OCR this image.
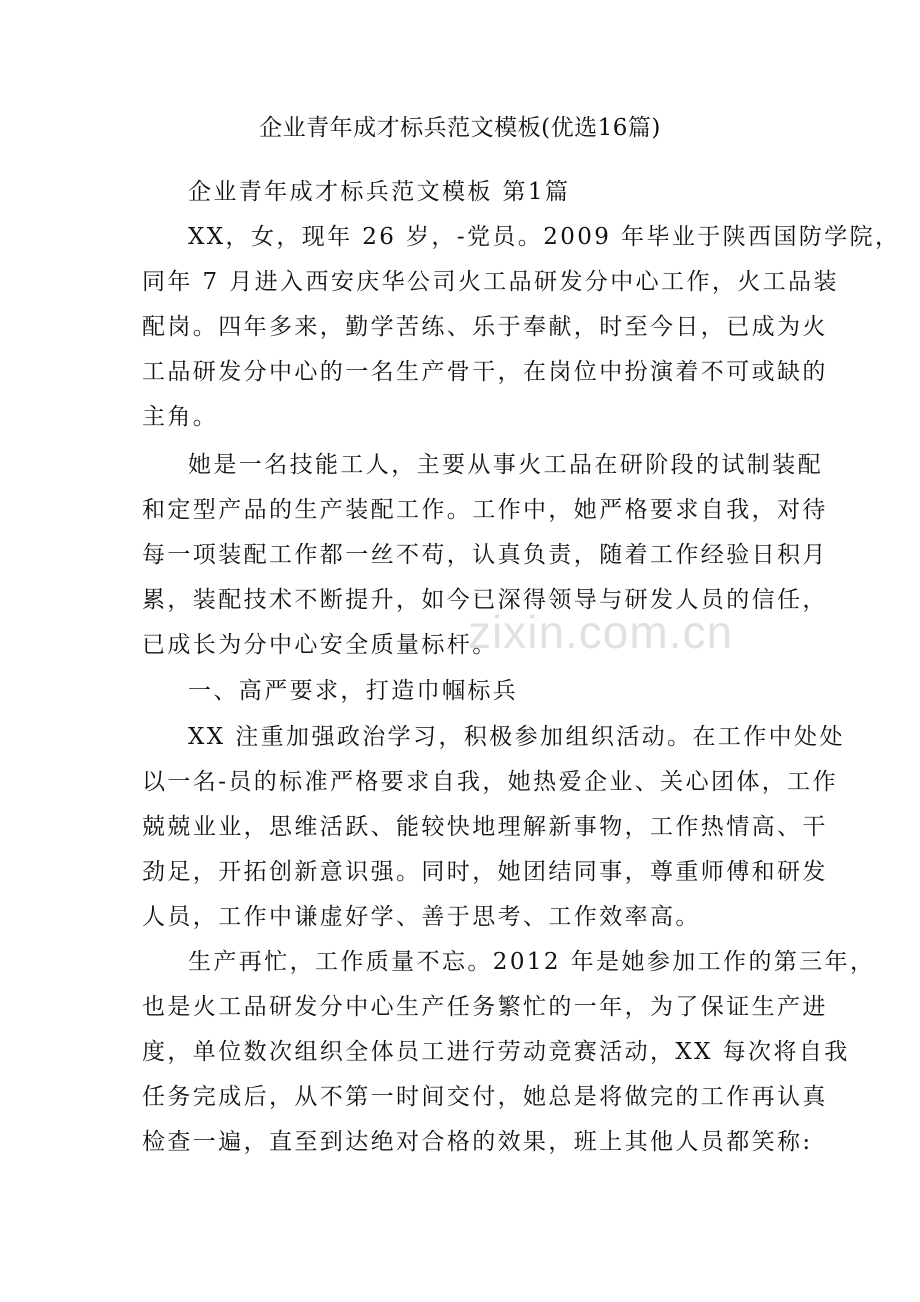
企业青年成才标兵范文模板(优选16篇)
企业青年成才标兵范文模板 第1篇
XX，女，现年 26 岁，-党员。2009 年毕业于陕西国防学院，
同年 7 月进入西安庆华公司火工品研发分中心工作，火工品装
配岗。四年多来，勤学苦练、乐于奉献，时至今日，已成为火
工品研发分中心的一名生产骨干，在岗位中扮演着不可或缺的
主角。
她是一名技能工人，主要从事火工品在研阶段的试制装配
和定型产品的生产装配工作。工作中，她严格要求自我，对待
每一项装配工作都一丝不苟，认真负责，随着工作经验日积月
累，装配技术不断提升，如今已深得领导与研发人员的信任，
已成长为分中心安全质量标杆。
一、高严要求，打造巾帼标兵
XX 注重加强政治学习，积极参加组织活动。在工作中处处
以一名-员的标准严格要求自我，她热爱企业、关心团体，工作
兢兢业业，思维活跃、能较快地理解新事物，工作热情高、干
劲足，开拓创新意识强。同时，她团结同事，尊重师傅和研发
人员，工作中谦虚好学、善于思考、工作效率高。
生产再忙，工作质量不忘。2012 年是她参加工作的第三年，
也是火工品研发分中心生产任务繁忙的一年，为了保证生产进
度，单位数次组织全体员工进行劳动竞赛活动，XX 每次将自我
任务完成后，从不第一时间交付，她总是将做完的工作再认真
检查一遍，直至到达绝对合格的效果，班上其他人员都笑称:
zixin.com.cn
